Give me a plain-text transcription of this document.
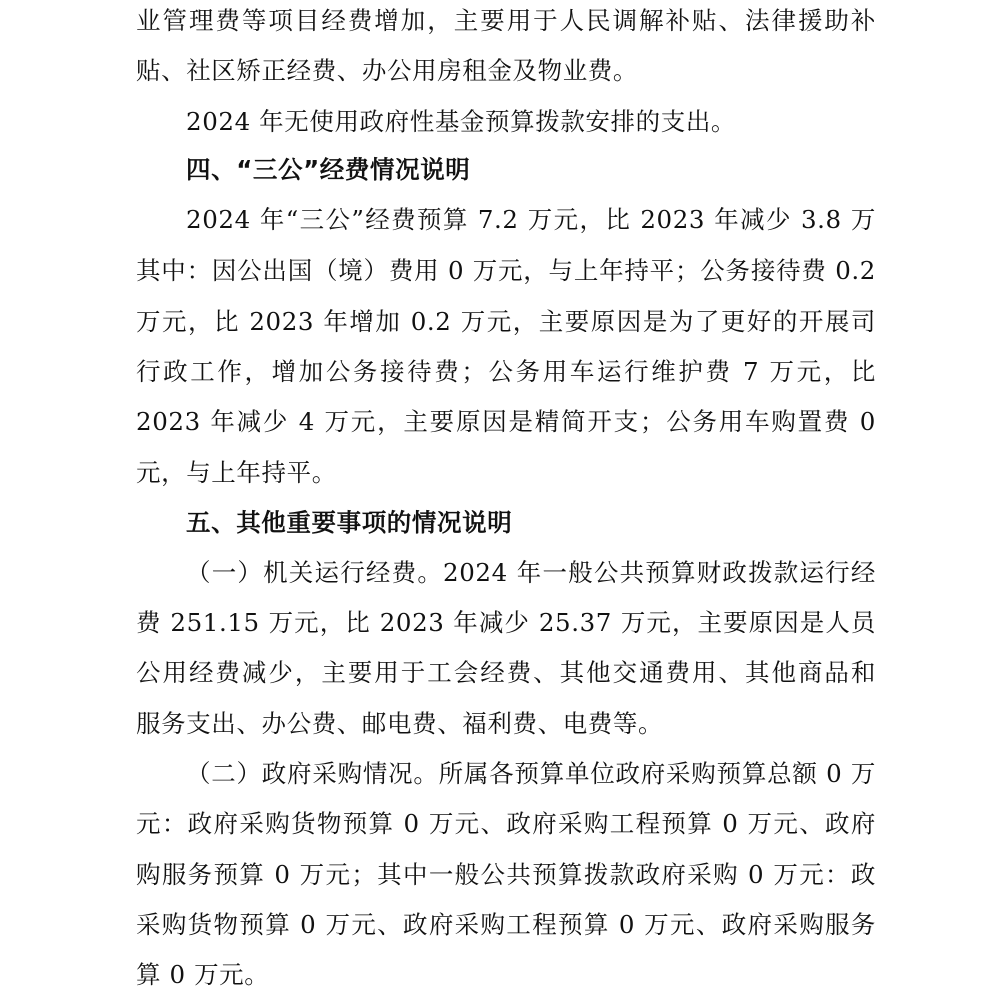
业管理费等项目经费增加，主要用于人民调解补贴、法律援助补
贴、社区矫正经费、办公用房租金及物业费。
2024 年无使用政府性基金预算拨款安排的支出。
四、“三公”经费情况说明
2024 年“三公”经费预算 7.2 万元，比 2023 年减少 3.8 万
其中：因公出国（境）费用 0 万元，与上年持平；公务接待费 0.2
万元，比 2023 年增加 0.2 万元，主要原因是为了更好的开展司
行政工作，增加公务接待费；公务用车运行维护费 7 万元，比
2023 年减少 4 万元，主要原因是精简开支；公务用车购置费 0
元，与上年持平。
五、其他重要事项的情况说明
（一）机关运行经费。2024 年一般公共预算财政拨款运行经
费 251.15 万元，比 2023 年减少 25.37 万元，主要原因是人员
公用经费减少，主要用于工会经费、其他交通费用、其他商品和
服务支出、办公费、邮电费、福利费、电费等。
（二）政府采购情况。所属各预算单位政府采购预算总额 0 万
元：政府采购货物预算 0 万元、政府采购工程预算 0 万元、政府
购服务预算 0 万元；其中一般公共预算拨款政府采购 0 万元：政
采购货物预算 0 万元、政府采购工程预算 0 万元、政府采购服务
算 0 万元。
